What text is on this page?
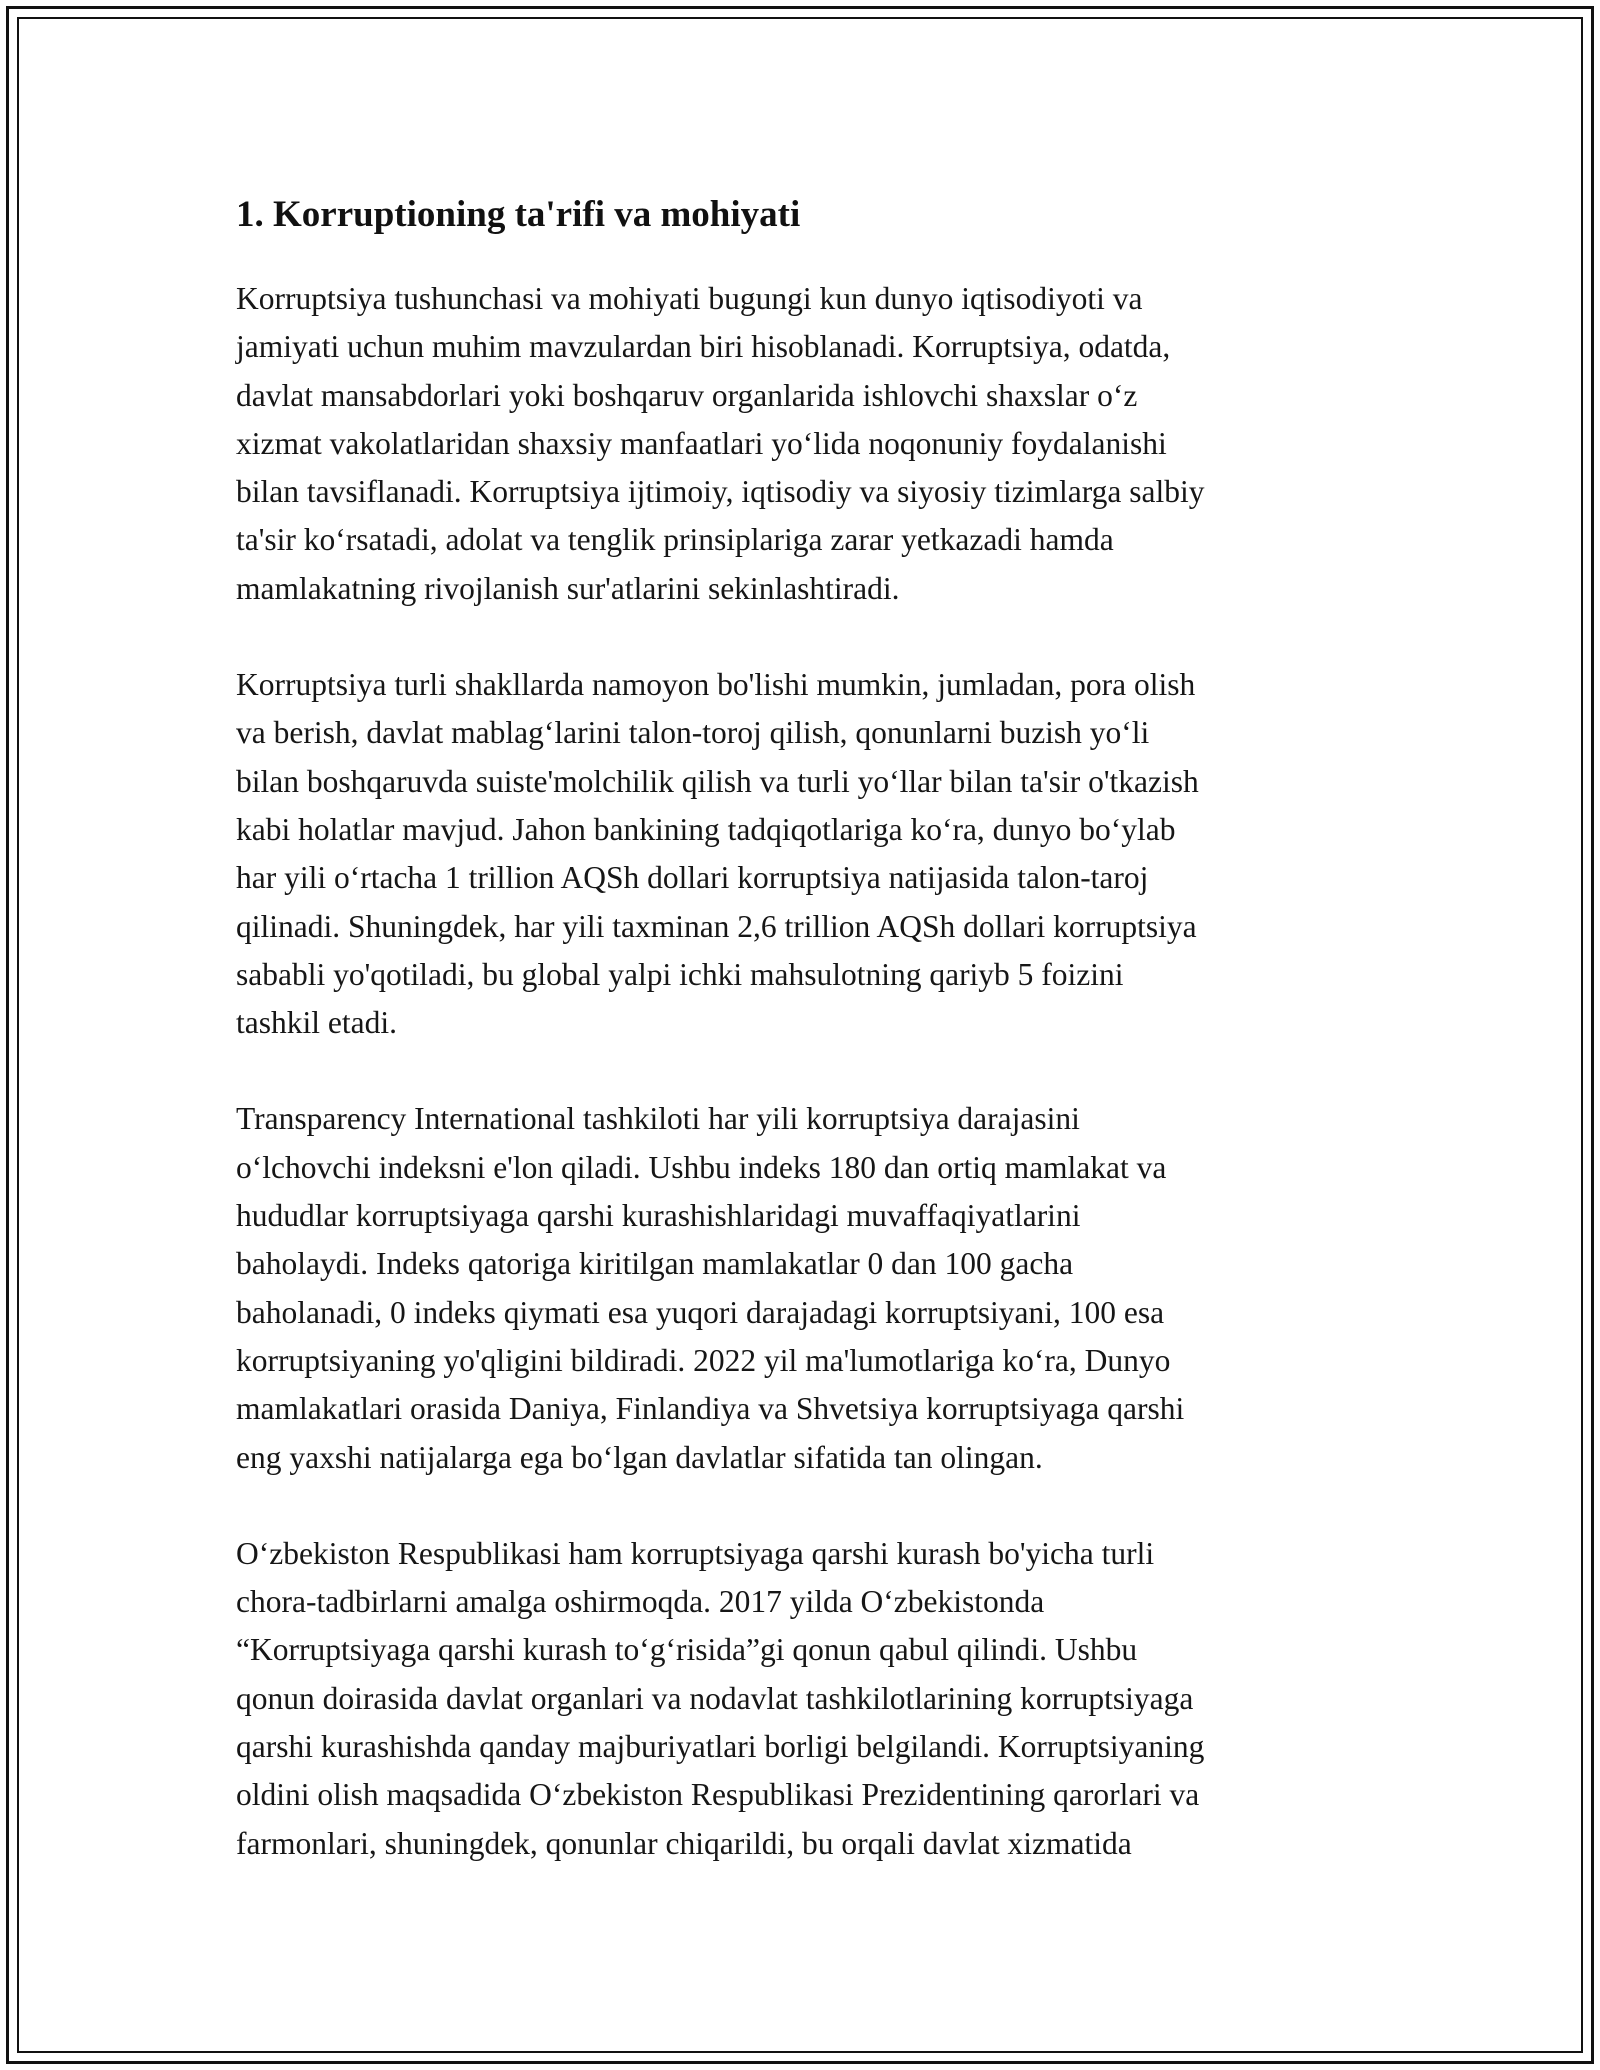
1. Korruptioning ta'rifi va mohiyati

Korruptsiya tushunchasi va mohiyati bugungi kun dunyo iqtisodiyoti va
jamiyati uchun muhim mavzulardan biri hisoblanadi. Korruptsiya, odatda,
davlat mansabdorlari yoki boshqaruv organlarida ishlovchi shaxslar o‘z
xizmat vakolatlaridan shaxsiy manfaatlari yo‘lida noqonuniy foydalanishi
bilan tavsiflanadi. Korruptsiya ijtimoiy, iqtisodiy va siyosiy tizimlarga salbiy
ta'sir ko‘rsatadi, adolat va tenglik prinsiplariga zarar yetkazadi hamda
mamlakatning rivojlanish sur'atlarini sekinlashtiradi.

Korruptsiya turli shakllarda namoyon bo'lishi mumkin, jumladan, pora olish
va berish, davlat mablag‘larini talon-toroj qilish, qonunlarni buzish yo‘li
bilan boshqaruvda suiste'molchilik qilish va turli yo‘llar bilan ta'sir o'tkazish
kabi holatlar mavjud. Jahon bankining tadqiqotlariga ko‘ra, dunyo bo‘ylab
har yili o‘rtacha 1 trillion AQSh dollari korruptsiya natijasida talon-taroj
qilinadi. Shuningdek, har yili taxminan 2,6 trillion AQSh dollari korruptsiya
sababli yo'qotiladi, bu global yalpi ichki mahsulotning qariyb 5 foizini
tashkil etadi.

Transparency International tashkiloti har yili korruptsiya darajasini
o‘lchovchi indeksni e'lon qiladi. Ushbu indeks 180 dan ortiq mamlakat va
hududlar korruptsiyaga qarshi kurashishlaridagi muvaffaqiyatlarini
baholaydi. Indeks qatoriga kiritilgan mamlakatlar 0 dan 100 gacha
baholanadi, 0 indeks qiymati esa yuqori darajadagi korruptsiyani, 100 esa
korruptsiyaning yo'qligini bildiradi. 2022 yil ma'lumotlariga ko‘ra, Dunyo
mamlakatlari orasida Daniya, Finlandiya va Shvetsiya korruptsiyaga qarshi
eng yaxshi natijalarga ega bo‘lgan davlatlar sifatida tan olingan.

O‘zbekiston Respublikasi ham korruptsiyaga qarshi kurash bo'yicha turli
chora-tadbirlarni amalga oshirmoqda. 2017 yilda O‘zbekistonda
“Korruptsiyaga qarshi kurash to‘g‘risida”gi qonun qabul qilindi. Ushbu
qonun doirasida davlat organlari va nodavlat tashkilotlarining korruptsiyaga
qarshi kurashishda qanday majburiyatlari borligi belgilandi. Korruptsiyaning
oldini olish maqsadida O‘zbekiston Respublikasi Prezidentining qarorlari va
farmonlari, shuningdek, qonunlar chiqarildi, bu orqali davlat xizmatida
